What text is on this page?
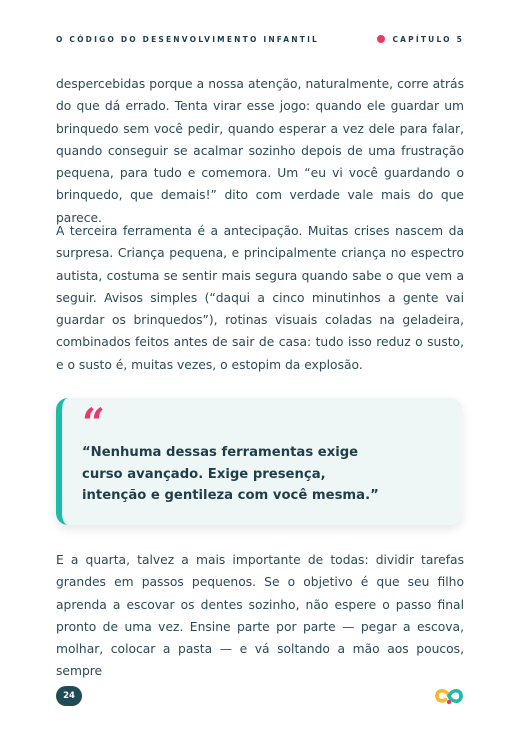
O CÓDIGO DO DESENVOLVIMENTO INFANTIL	CAPÍTULO 5

despercebidas porque a nossa atenção, naturalmente, corre atrás do que dá errado. Tenta virar esse jogo: quando ele guardar um brinquedo sem você pedir, quando esperar a vez dele para falar, quando conseguir se acalmar sozinho depois de uma frustração pequena, para tudo e comemora. Um “eu vi você guardando o brinquedo, que demais!” dito com verdade vale mais do que parece.

A terceira ferramenta é a antecipação. Muitas crises nascem da surpresa. Criança pequena, e principalmente criança no espectro autista, costuma se sentir mais segura quando sabe o que vem a seguir. Avisos simples (“daqui a cinco minutinhos a gente vai guardar os brinquedos”), rotinas visuais coladas na geladeira, combinados feitos antes de sair de casa: tudo isso reduz o susto, e o susto é, muitas vezes, o estopim da explosão.

“
“Nenhuma dessas ferramentas exige
curso avançado. Exige presença,
intenção e gentileza com você mesma.”

E a quarta, talvez a mais importante de todas: dividir tarefas grandes em passos pequenos. Se o objetivo é que seu filho aprenda a escovar os dentes sozinho, não espere o passo final pronto de uma vez. Ensine parte por parte — pegar a escova, molhar, colocar a pasta — e vá soltando a mão aos poucos, sempre

24
